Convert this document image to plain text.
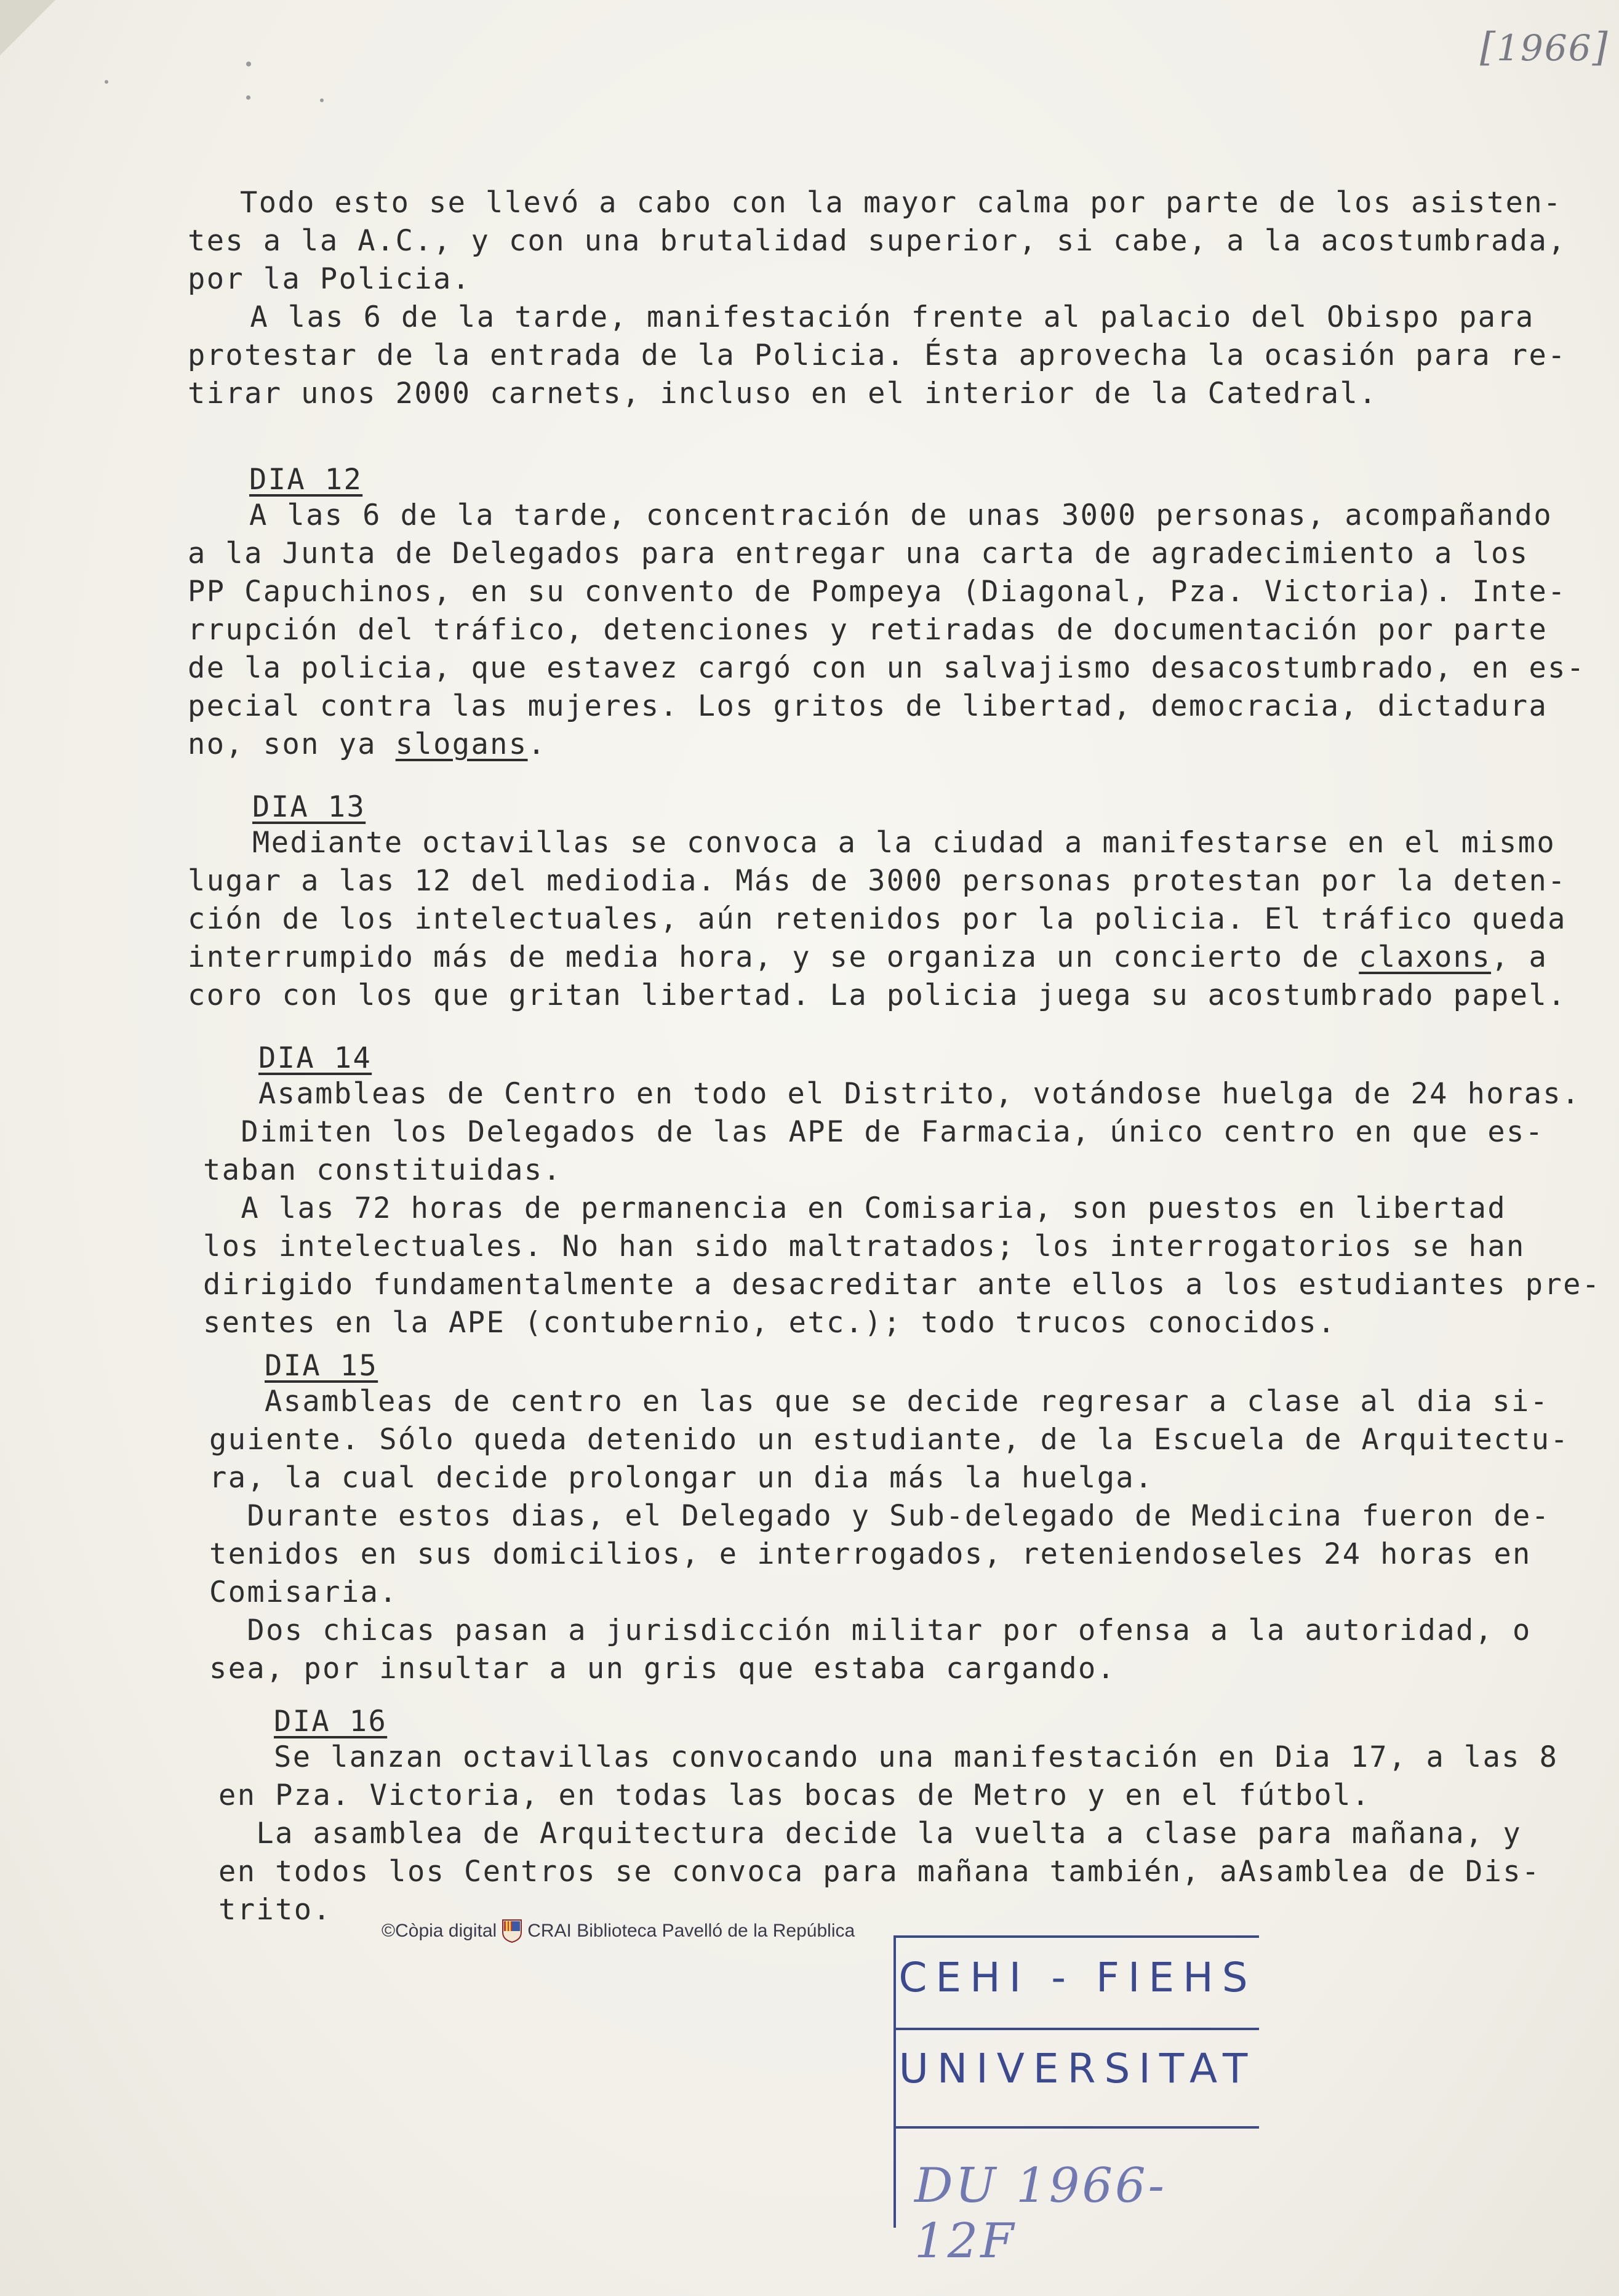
[1966]
Todo esto se llevó a cabo con la mayor calma por parte de los asisten-
tes a la A.C., y con una brutalidad superior, si cabe, a la acostumbrada,
por la Policia.
A las 6 de la tarde, manifestación frente al palacio del Obispo para
protestar de la entrada de la Policia. Ésta aprovecha la ocasión para re-
tirar unos 2000 carnets, incluso en el interior de la Catedral.
DIA 12
A las 6 de la tarde, concentración de unas 3000 personas, acompañando
a la Junta de Delegados para entregar una carta de agradecimiento a los
PP Capuchinos, en su convento de Pompeya (Diagonal, Pza. Victoria). Inte-
rrupción del tráfico, detenciones y retiradas de documentación por parte
de la policia, que estavez cargó con un salvajismo desacostumbrado, en es-
pecial contra las mujeres. Los gritos de libertad, democracia, dictadura
no, son ya slogans.
DIA 13
Mediante octavillas se convoca a la ciudad a manifestarse en el mismo
lugar a las 12 del mediodia. Más de 3000 personas protestan por la deten-
ción de los intelectuales, aún retenidos por la policia. El tráfico queda
interrumpido más de media hora, y se organiza un concierto de claxons, a
coro con los que gritan libertad. La policia juega su acostumbrado papel.
DIA 14
Asambleas de Centro en todo el Distrito, votándose huelga de 24 horas.
Dimiten los Delegados de las APE de Farmacia, único centro en que es-
taban constituidas.
A las 72 horas de permanencia en Comisaria, son puestos en libertad
los intelectuales. No han sido maltratados; los interrogatorios se han
dirigido fundamentalmente a desacreditar ante ellos a los estudiantes pre-
sentes en la APE (contubernio, etc.); todo trucos conocidos.
DIA 15
Asambleas de centro en las que se decide regresar a clase al dia si-
guiente. Sólo queda detenido un estudiante, de la Escuela de Arquitectu-
ra, la cual decide prolongar un dia más la huelga.
Durante estos dias, el Delegado y Sub-delegado de Medicina fueron de-
tenidos en sus domicilios, e interrogados, reteniendoseles 24 horas en
Comisaria.
Dos chicas pasan a jurisdicción militar por ofensa a la autoridad, o
sea, por insultar a un gris que estaba cargando.
DIA 16
Se lanzan octavillas convocando una manifestación en Dia 17, a las 8
en Pza. Victoria, en todas las bocas de Metro y en el fútbol.
La asamblea de Arquitectura decide la vuelta a clase para mañana, y
en todos los Centros se convoca para mañana también, aAsamblea de Dis-
trito.
©Còpia digital CRAI Biblioteca Pavelló de la República
CEHI - FIEHS
UNIVERSITAT
DU 1966-12F
